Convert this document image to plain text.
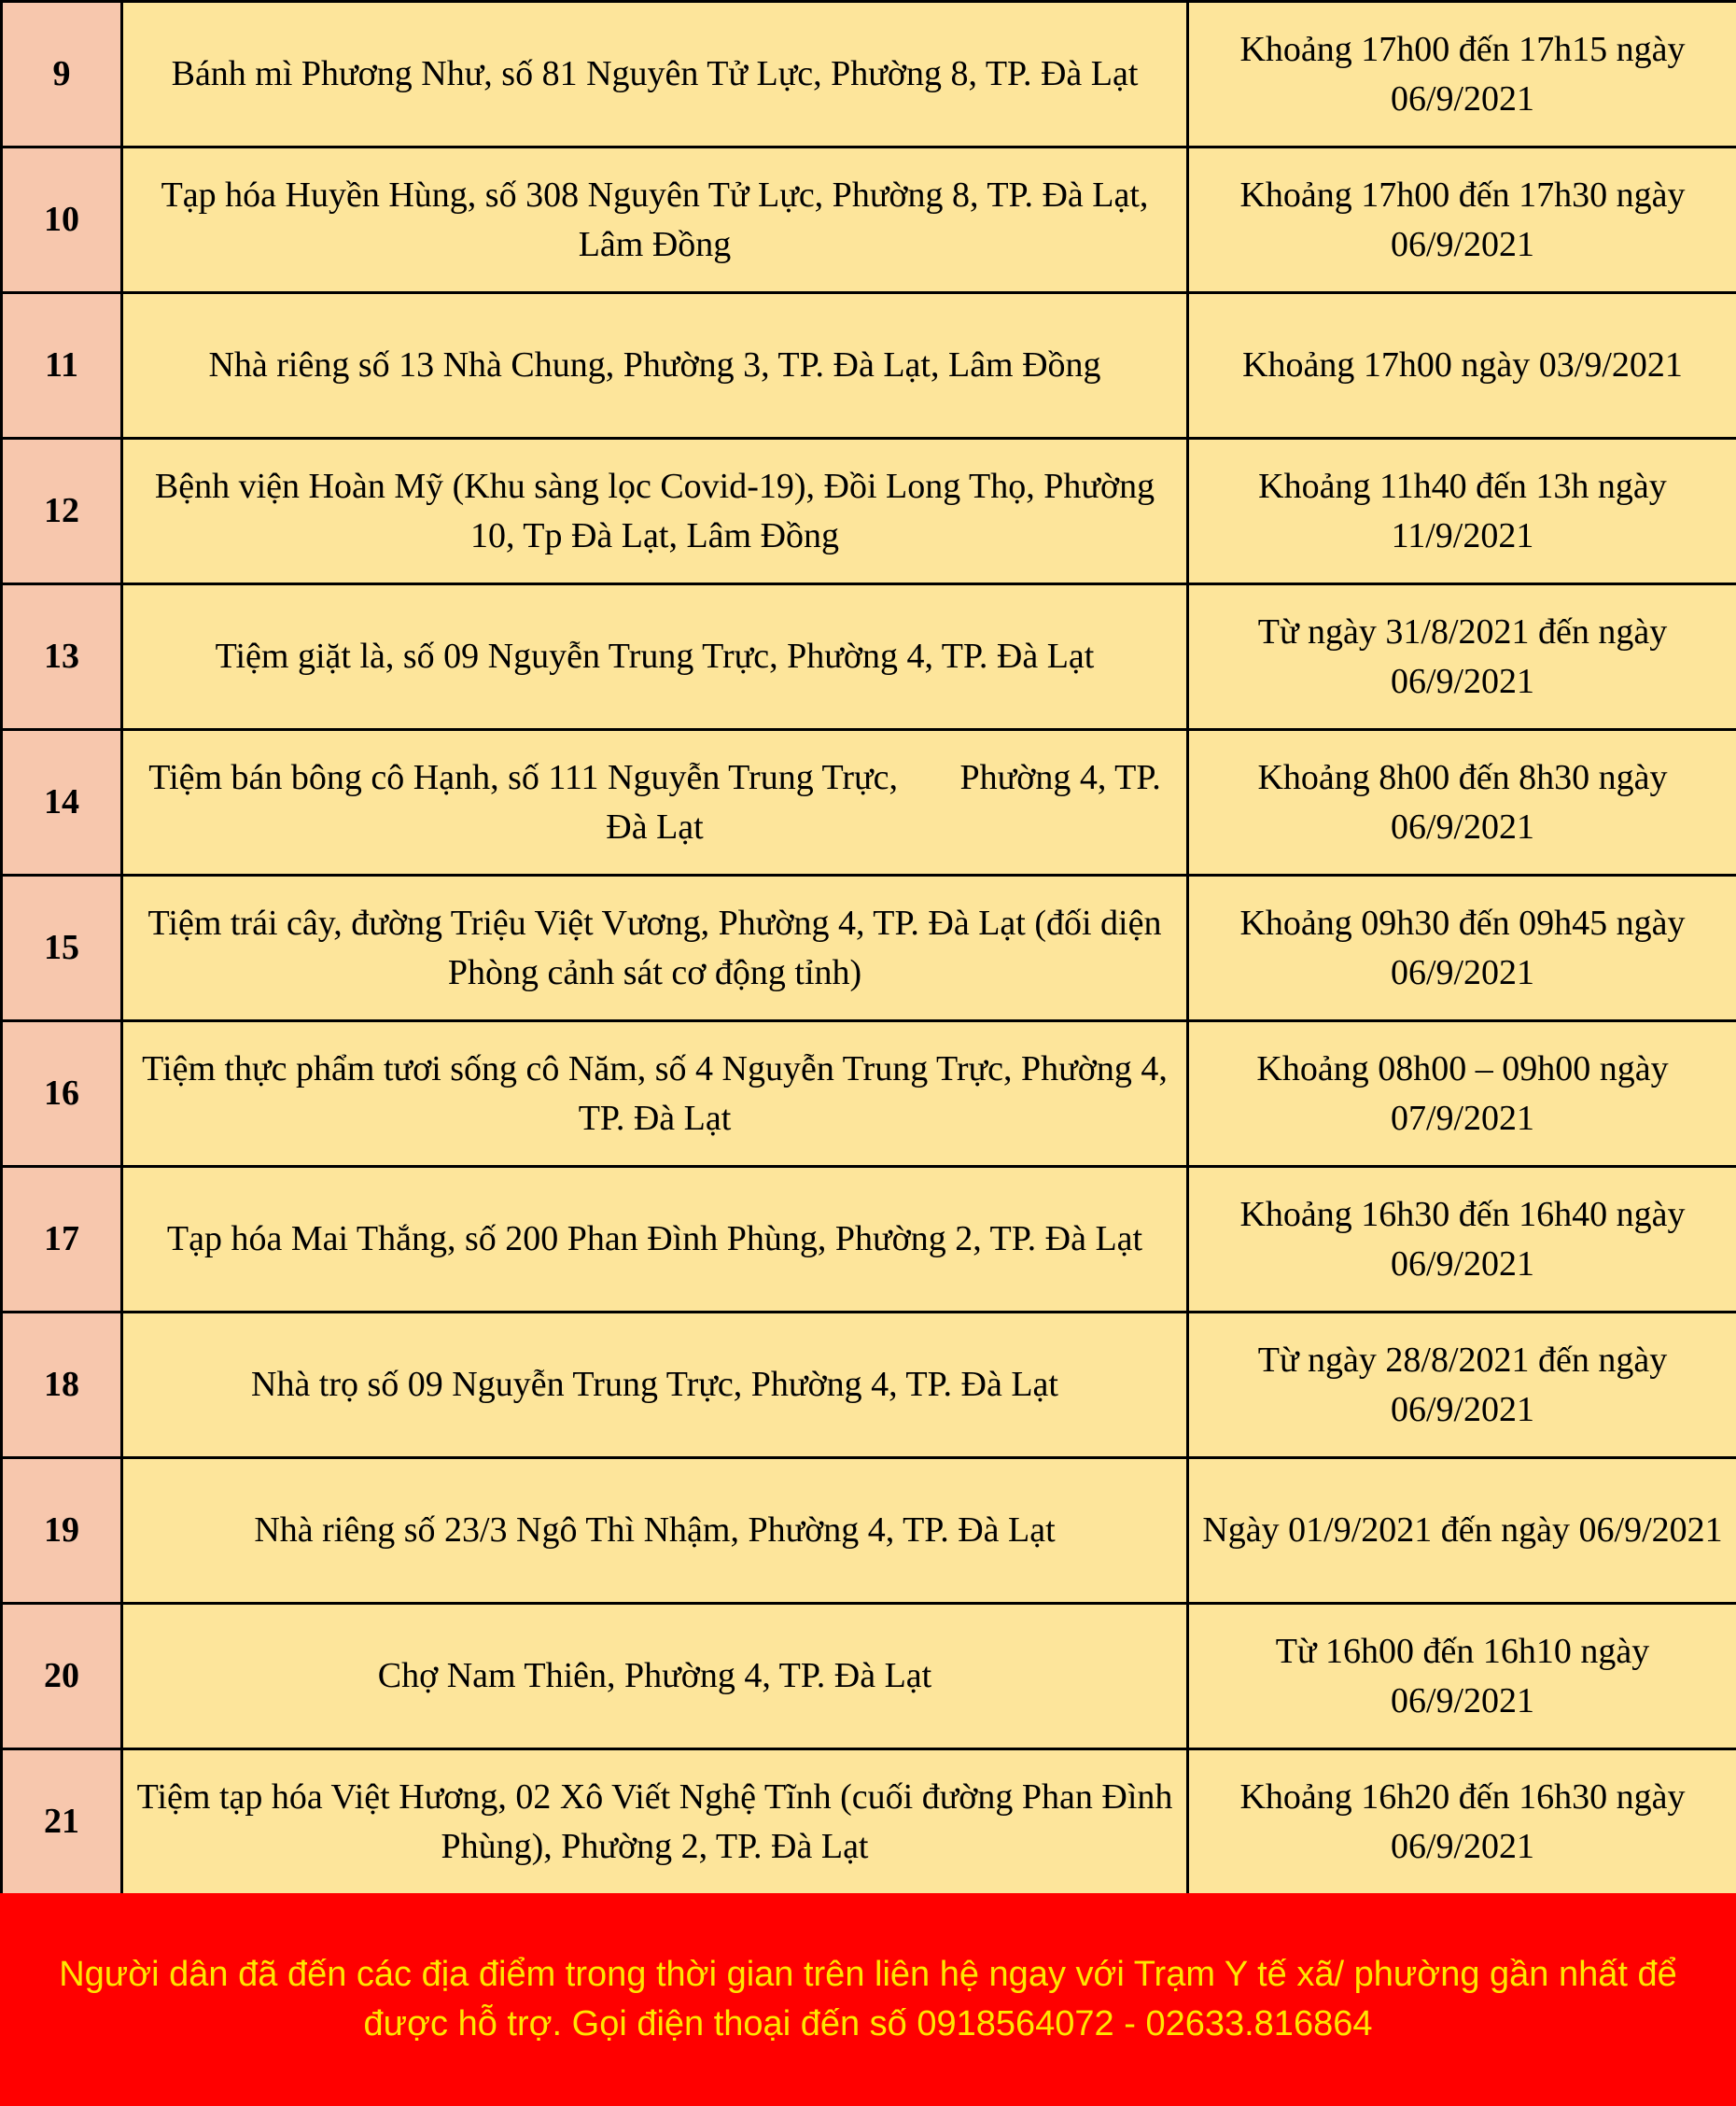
9	Bánh mì Phương Như, số 81 Nguyên Tử Lực, Phường 8, TP. Đà Lạt	Khoảng 17h00 đến 17h15 ngày 06/9/2021
10	Tạp hóa Huyền Hùng, số 308 Nguyên Tử Lực, Phường 8, TP. Đà Lạt, Lâm Đồng	Khoảng 17h00 đến 17h30 ngày 06/9/2021
11	Nhà riêng số 13 Nhà Chung, Phường 3, TP. Đà Lạt, Lâm Đồng	Khoảng 17h00 ngày 03/9/2021
12	Bệnh viện Hoàn Mỹ (Khu sàng lọc Covid-19), Đồi Long Thọ, Phường 10, Tp Đà Lạt, Lâm Đồng	Khoảng 11h40 đến 13h ngày 11/9/2021
13	Tiệm giặt là, số 09 Nguyễn Trung Trực, Phường 4, TP. Đà Lạt	Từ ngày 31/8/2021 đến ngày 06/9/2021
14	Tiệm bán bông cô Hạnh, số 111 Nguyễn Trung Trực,       Phường 4, TP. Đà Lạt	Khoảng 8h00 đến 8h30 ngày 06/9/2021
15	Tiệm trái cây, đường Triệu Việt Vương, Phường 4, TP. Đà Lạt (đối diện Phòng cảnh sát cơ động tỉnh)	Khoảng 09h30 đến 09h45 ngày 06/9/2021
16	Tiệm thực phẩm tươi sống cô Năm, số 4 Nguyễn Trung Trực, Phường 4, TP. Đà Lạt	Khoảng 08h00 – 09h00 ngày 07/9/2021
17	Tạp hóa Mai Thắng, số 200 Phan Đình Phùng, Phường 2, TP. Đà Lạt	Khoảng 16h30 đến 16h40 ngày 06/9/2021
18	Nhà trọ số 09 Nguyễn Trung Trực, Phường 4, TP. Đà Lạt	Từ ngày 28/8/2021 đến ngày 06/9/2021
19	Nhà riêng số 23/3 Ngô Thì Nhậm, Phường 4, TP. Đà Lạt	Ngày 01/9/2021 đến ngày 06/9/2021
20	Chợ Nam Thiên, Phường 4, TP. Đà Lạt	Từ 16h00 đến 16h10 ngày 06/9/2021
21	Tiệm tạp hóa Việt Hương, 02 Xô Viết Nghệ Tĩnh (cuối đường Phan Đình Phùng), Phường 2, TP. Đà Lạt	Khoảng 16h20 đến 16h30 ngày 06/9/2021
Người dân đã đến các địa điểm trong thời gian trên liên hệ ngay với Trạm Y tế xã/ phường gần nhất để được hỗ trợ. Gọi điện thoại đến số 0918564072 - 02633.816864
